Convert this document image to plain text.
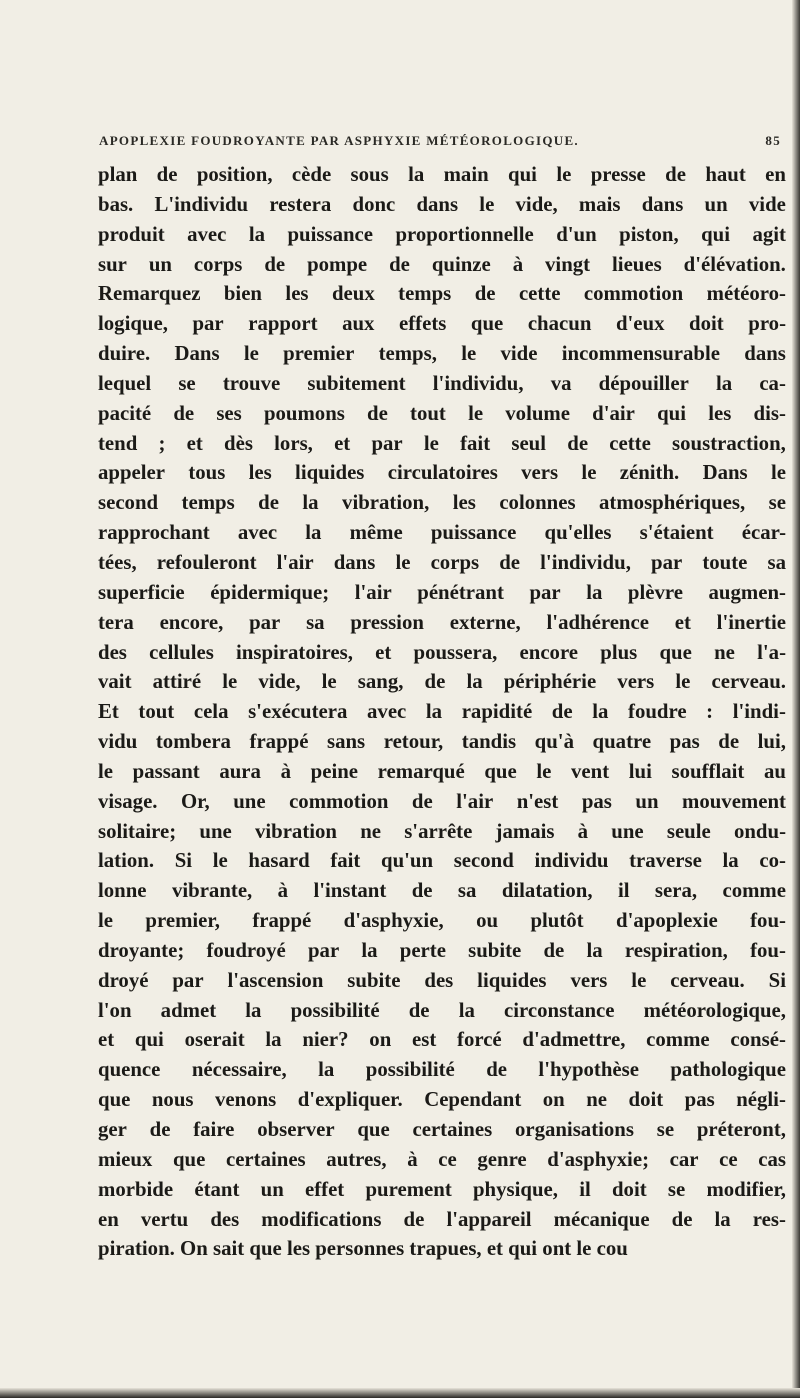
APOPLEXIE FOUDROYANTE PAR ASPHYXIE MÉTÉOROLOGIQUE.	85
plan de position, cède sous la main qui le presse de haut en
bas. L'individu restera donc dans le vide, mais dans un vide
produit avec la puissance proportionnelle d'un piston, qui agit
sur un corps de pompe de quinze à vingt lieues d'élévation.
Remarquez bien les deux temps de cette commotion météoro-
logique, par rapport aux effets que chacun d'eux doit pro-
duire. Dans le premier temps, le vide incommensurable dans
lequel se trouve subitement l'individu, va dépouiller la ca-
pacité de ses poumons de tout le volume d'air qui les dis-
tend ; et dès lors, et par le fait seul de cette soustraction,
appeler tous les liquides circulatoires vers le zénith. Dans le
second temps de la vibration, les colonnes atmosphériques, se
rapprochant avec la même puissance qu'elles s'étaient écar-
tées, refouleront l'air dans le corps de l'individu, par toute sa
superficie épidermique; l'air pénétrant par la plèvre augmen-
tera encore, par sa pression externe, l'adhérence et l'inertie
des cellules inspiratoires, et poussera, encore plus que ne l'a-
vait attiré le vide, le sang, de la périphérie vers le cerveau.
Et tout cela s'exécutera avec la rapidité de la foudre : l'indi-
vidu tombera frappé sans retour, tandis qu'à quatre pas de lui,
le passant aura à peine remarqué que le vent lui soufflait au
visage. Or, une commotion de l'air n'est pas un mouvement
solitaire; une vibration ne s'arrête jamais à une seule ondu-
lation. Si le hasard fait qu'un second individu traverse la co-
lonne vibrante, à l'instant de sa dilatation, il sera, comme
le premier, frappé d'asphyxie, ou plutôt d'apoplexie fou-
droyante; foudroyé par la perte subite de la respiration, fou-
droyé par l'ascension subite des liquides vers le cerveau. Si
l'on admet la possibilité de la circonstance météorologique,
et qui oserait la nier? on est forcé d'admettre, comme consé-
quence nécessaire, la possibilité de l'hypothèse pathologique
que nous venons d'expliquer. Cependant on ne doit pas négli-
ger de faire observer que certaines organisations se préteront,
mieux que certaines autres, à ce genre d'asphyxie; car ce cas
morbide étant un effet purement physique, il doit se modifier,
en vertu des modifications de l'appareil mécanique de la res-
piration. On sait que les personnes trapues, et qui ont le cou
